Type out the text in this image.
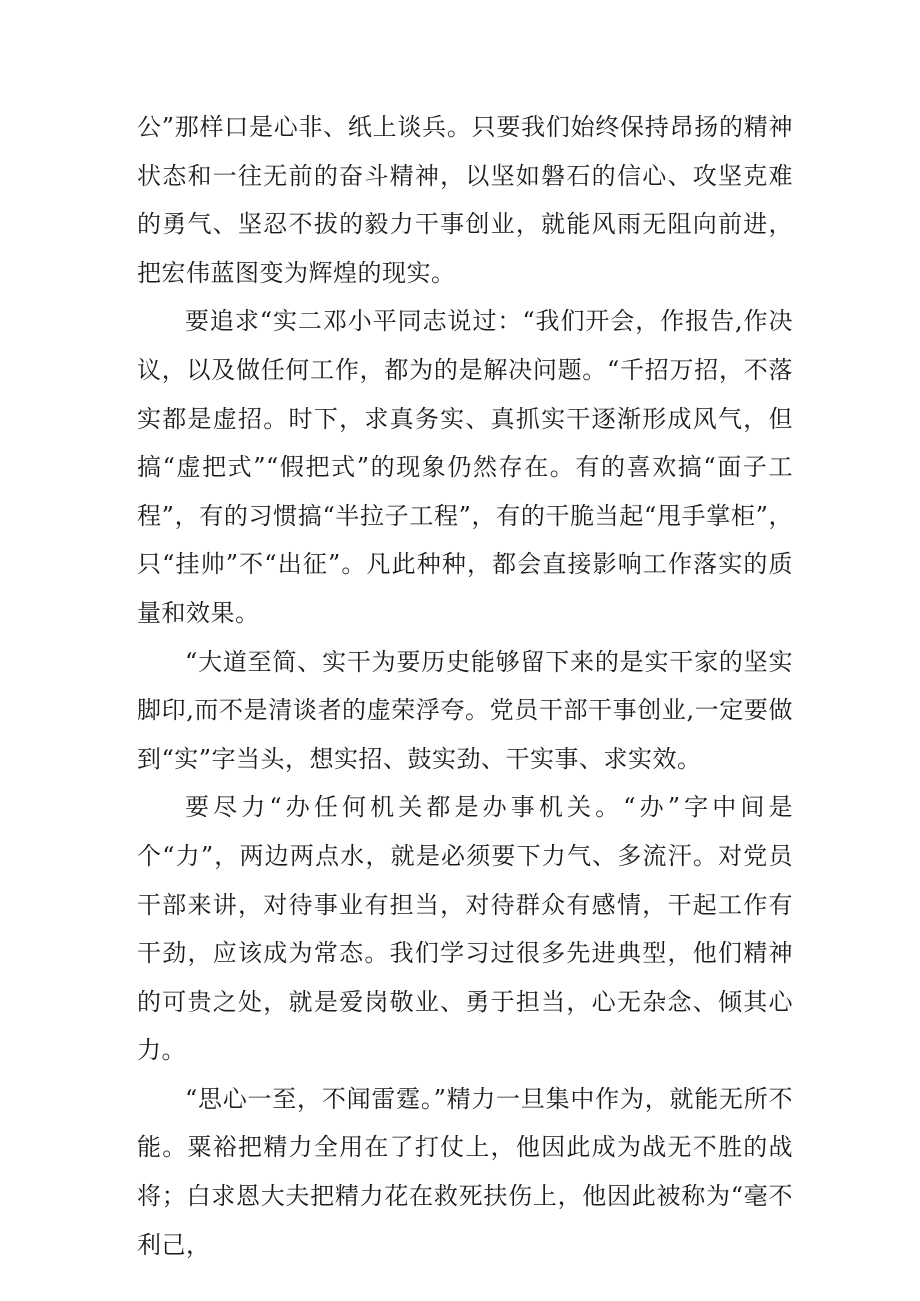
公”那样口是心非、纸上谈兵。只要我们始终保持昂扬的精神状态和一往无前的奋斗精神，以坚如磐石的信心、攻坚克难的勇气、坚忍不拔的毅力干事创业，就能风雨无阻向前进，把宏伟蓝图变为辉煌的现实。

要追求“实二邓小平同志说过：“我们开会，作报告,作决议，以及做任何工作，都为的是解决问题。“千招万招，不落实都是虚招。时下，求真务实、真抓实干逐渐形成风气，但搞“虚把式”“假把式”的现象仍然存在。有的喜欢搞“面子工程”，有的习惯搞“半拉子工程”，有的干脆当起“甩手掌柜”，只“挂帅”不“出征”。凡此种种，都会直接影响工作落实的质量和效果。

“大道至简、实干为要历史能够留下来的是实干家的坚实脚印,而不是清谈者的虚荣浮夸。党员干部干事创业,一定要做到“实”字当头，想实招、鼓实劲、干实事、求实效。

要尽力“办任何机关都是办事机关。“办”字中间是个“力”，两边两点水，就是必须要下力气、多流汗。对党员干部来讲，对待事业有担当，对待群众有感情，干起工作有干劲，应该成为常态。我们学习过很多先进典型，他们精神的可贵之处，就是爱岗敬业、勇于担当，心无杂念、倾其心力。

“思心一至，不闻雷霆。”精力一旦集中作为，就能无所不能。粟裕把精力全用在了打仗上，他因此成为战无不胜的战将；白求恩大夫把精力花在救死扶伤上，他因此被称为“毫不利己，
